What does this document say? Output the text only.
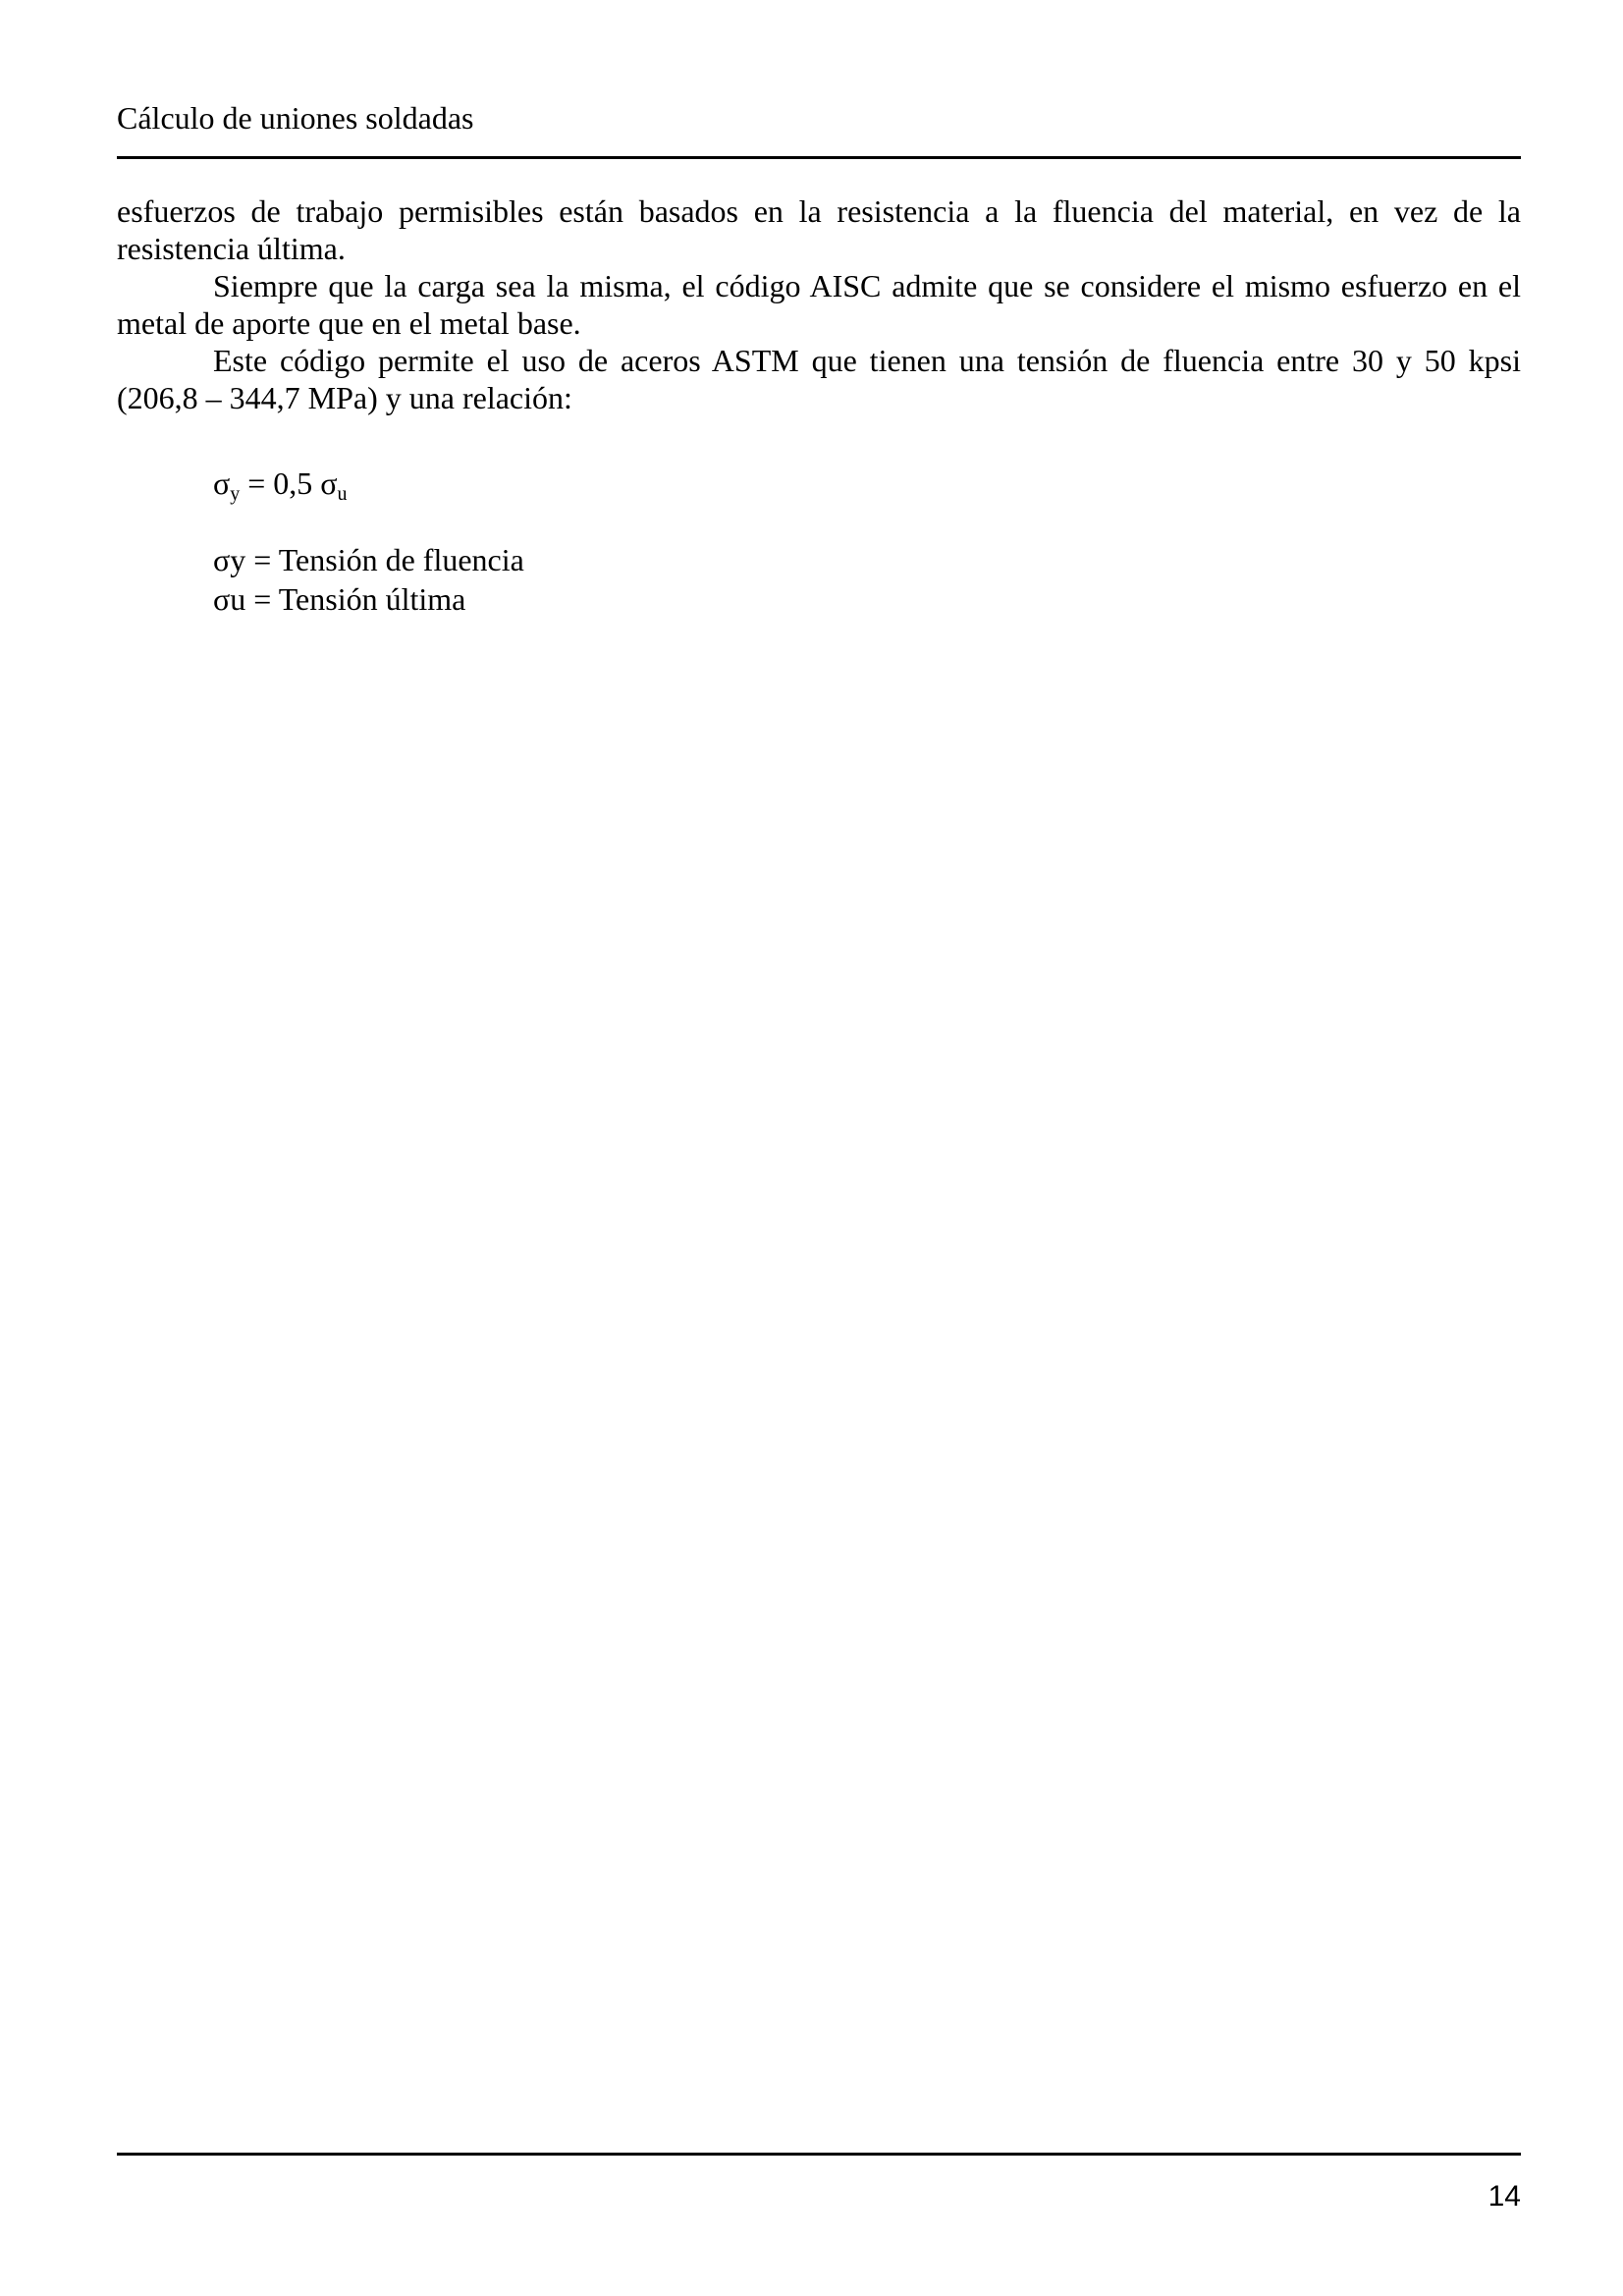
Cálculo de uniones soldadas

esfuerzos de trabajo permisibles están basados en la resistencia a la fluencia del material, en vez de la resistencia última.

Siempre que la carga sea la misma, el código AISC admite que se considere el mismo esfuerzo en el metal de aporte que en el metal base.

Este código permite el uso de aceros ASTM que tienen una tensión de fluencia entre 30 y 50 kpsi (206,8 – 344,7 MPa) y una relación:

$\sigma_y = 0,5$ $\sigma_u$
σy = Tensión de fluencia
σu = Tensión última
14
